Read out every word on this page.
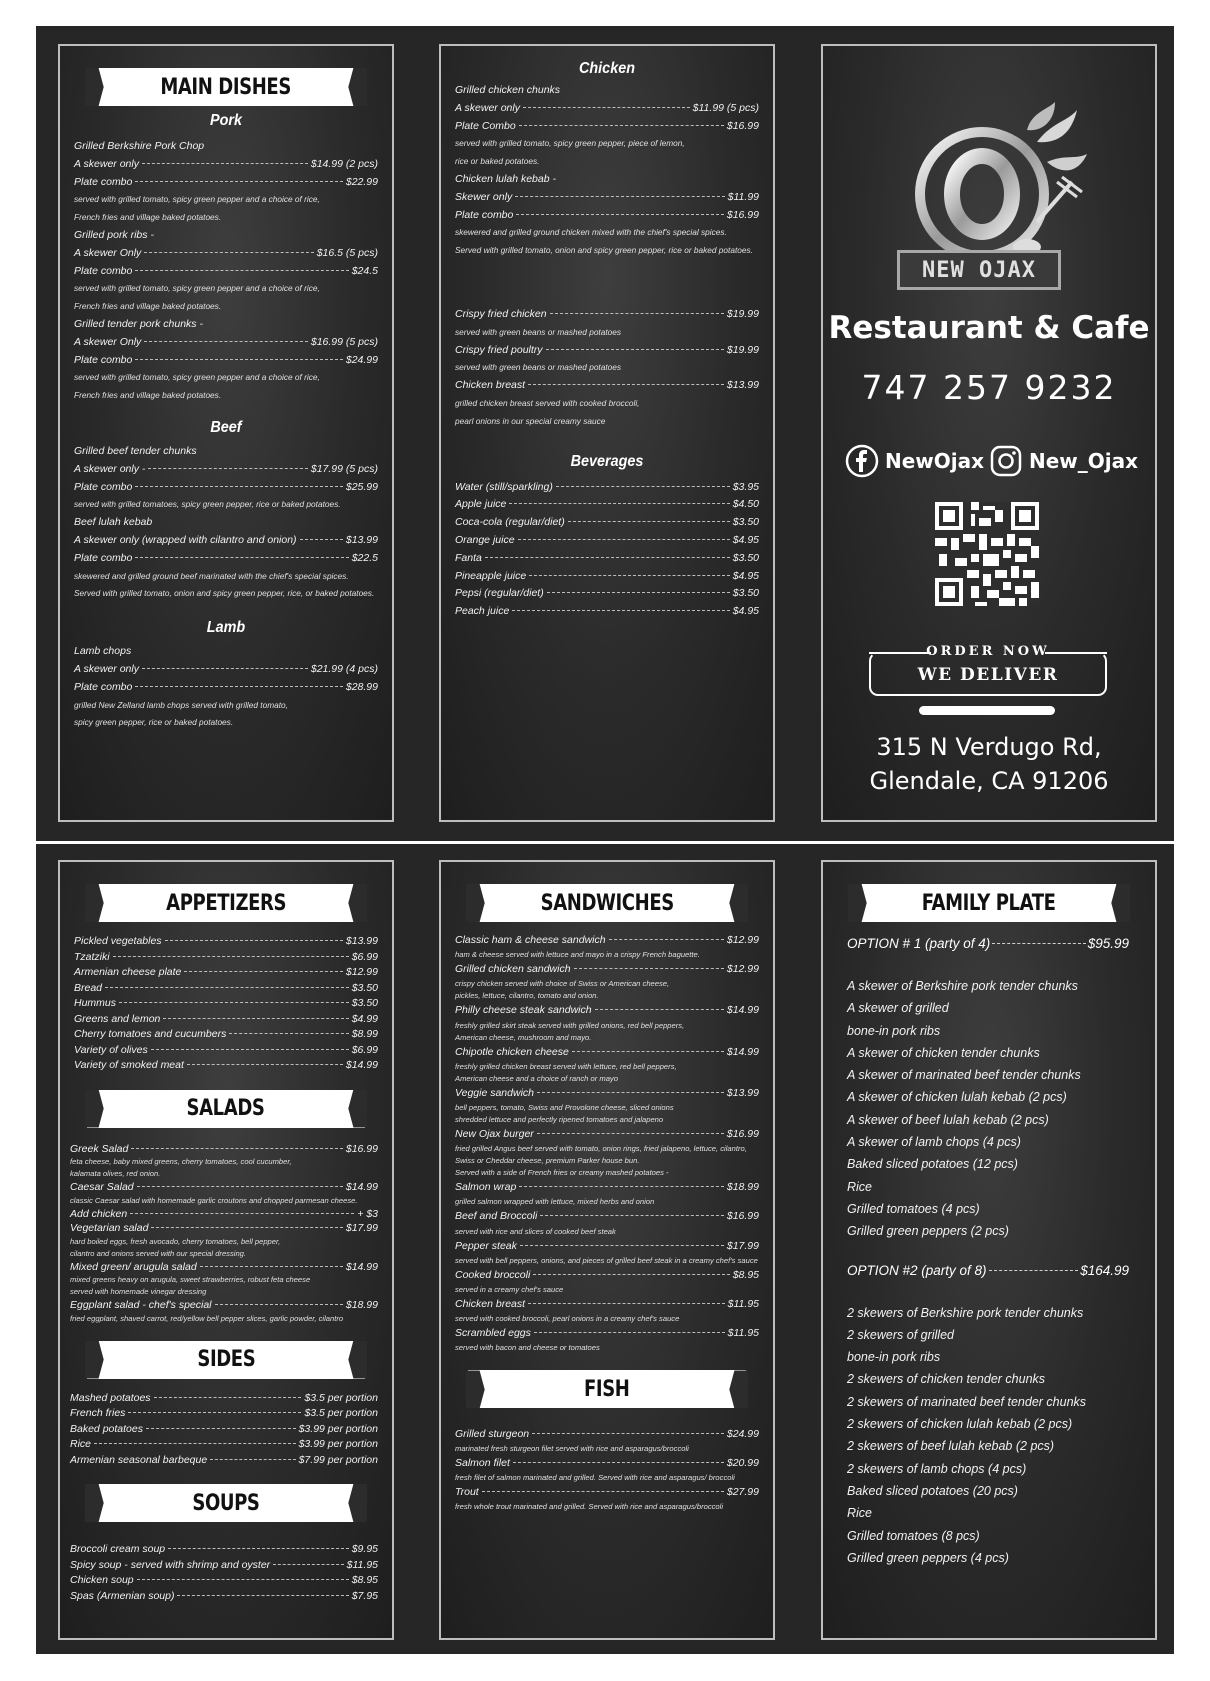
MAIN DISHES
Pork
Grilled Berkshire Pork Chop
A skewer only	$14.99 (2 pcs)
Plate combo	$22.99
served with grilled tomato, spicy green pepper and a choice of rice,
French fries and village baked potatoes.
Grilled pork ribs -
A skewer Only	$16.5 (5 pcs)
Plate combo	$24.5
served with grilled tomato, spicy green pepper and a choice of rice,
French fries and village baked potatoes.
Grilled tender pork chunks -
A skewer Only	$16.99 (5 pcs)
Plate combo	$24.99
served with grilled tomato, spicy green pepper and a choice of rice,
French fries and village baked potatoes.
Beef
Grilled beef tender chunks
A skewer only -	$17.99 (5 pcs)
Plate combo	$25.99
served with grilled tomatoes, spicy green pepper, rice or baked potatoes.
Beef lulah kebab
A skewer only (wrapped with cilantro and onion)	$13.99
Plate combo	$22.5
skewered and grilled ground beef marinated with the chief's special spices.
Served with grilled tomato, onion and spicy green pepper, rice, or baked potatoes.
Lamb
Lamb chops
A skewer only	$21.99 (4 pcs)
Plate combo	$28.99
grilled New Zelland lamb chops served with grilled tomato,
spicy green pepper, rice or baked potatoes.
Chicken
Grilled chicken chunks
A skewer only	$11.99 (5 pcs)
Plate Combo	$16.99
served with grilled tomato, spicy green pepper, piece of lemon,
rice or baked potatoes.
Chicken lulah kebab -
Skewer only	$11.99
Plate combo	$16.99
skewered and grilled ground chicken mixed with the chief's special spices.
Served with grilled tomato, onion and spicy green pepper, rice or baked potatoes.
Crispy fried chicken	$19.99
served with green beans or mashed potatoes
Crispy fried poultry	$19.99
served with green beans or mashed potatoes
Chicken breast	$13.99
grilled chicken breast served with cooked broccoli,
pearl onions in our special creamy sauce
Beverages
Water (still/sparkling)	$3.95
Apple juice	$4.50
Coca-cola (regular/diet)	$3.50
Orange juice	$4.95
Fanta	$3.50
Pineapple juice	$4.95
Pepsi (regular/diet)	$3.50
Peach juice	$4.95
NEW OJAX
Restaurant & Cafe
747 257 9232
NewOjax New_Ojax
ORDER NOW
WE DELIVER
315 N Verdugo Rd,
Glendale, CA 91206
APPETIZERS
Pickled vegetables	$13.99
Tzatziki	$6.99
Armenian cheese plate	$12.99
Bread	$3.50
Hummus	$3.50
Greens and lemon	$4.99
Cherry tomatoes and cucumbers	$8.99
Variety of olives	$6.99
Variety of smoked meat	$14.99
SALADS
Greek Salad	$16.99
feta cheese, baby mixed greens, cherry tomatoes, cool cucumber,
kalamata olives, red onion.
Caesar Salad	$14.99
classic Caesar salad with homemade garlic croutons and chopped parmesan cheese.
Add chicken	+ $3
Vegetarian salad	$17.99
hard boiled eggs, fresh avocado, cherry tomatoes, bell pepper,
cilantro and onions served with our special dressing.
Mixed green/ arugula salad	$14.99
mixed greens heavy on arugula, sweet strawberries, robust feta cheese
served with homemade vinegar dressing
Eggplant salad - chef's special	$18.99
fried eggplant, shaved carrot, red/yellow bell pepper slices, garlic powder, cilantro
SIDES
Mashed potatoes	$3.5 per portion
French fries	$3.5 per portion
Baked potatoes	$3.99 per portion
Rice	$3.99 per portion
Armenian seasonal barbeque	$7.99 per portion
SOUPS
Broccoli cream soup	$9.95
Spicy soup - served with shrimp and oyster	$11.95
Chicken soup	$8.95
Spas (Armenian soup)	$7.95
SANDWICHES
Classic ham & cheese sandwich	$12.99
ham & cheese served with lettuce and mayo in a crispy French baguette.
Grilled chicken sandwich	$12.99
crispy chicken served with choice of Swiss or American cheese,
pickles, lettuce, cilantro, tomato and onion.
Philly cheese steak sandwich	$14.99
freshly grilled skirt steak served with grilled onions, red bell peppers,
American cheese, mushroom and mayo.
Chipotle chicken cheese	$14.99
freshly grilled chicken breast served with lettuce, red bell peppers,
American cheese and a choice of ranch or mayo
Veggie sandwich	$13.99
bell peppers, tomato, Swiss and Provolone cheese, sliced onions
shredded lettuce and perfectly ripened tomatoes and jalapeno
New Ojax burger	$16.99
fried grilled Angus beef served with tomato, onion rings, fried jalapeno, lettuce, cilantro,
Swiss or Cheddar cheese, premium Parker house bun.
Served with a side of French fries or creamy mashed potatoes -
Salmon wrap	$18.99
grilled salmon wrapped with lettuce, mixed herbs and onion
Beef and Broccoli	$16.99
served with rice and slices of cooked beef steak
Pepper steak	$17.99
served with bell peppers, onions, and pieces of grilled beef steak in a creamy chef's sauce
Cooked broccoli	$8.95
served in a creamy chef's sauce
Chicken breast	$11.95
served with cooked broccoli, pearl onions in a creamy chef's sauce
Scrambled eggs	$11.95
served with bacon and cheese or tomatoes
FISH
Grilled sturgeon	$24.99
marinated fresh sturgeon filet served with rice and asparagus/broccoli
Salmon filet	$20.99
fresh filet of salmon marinated and grilled. Served with rice and asparagus/ broccoli
Trout	$27.99
fresh whole trout marinated and grilled. Served with rice and asparagus/broccoli
FAMILY PLATE
OPTION # 1 (party of 4)	$95.99
A skewer of Berkshire pork tender chunks
A skewer of grilled
bone-in pork ribs
A skewer of chicken tender chunks
A skewer of marinated beef tender chunks
A skewer of chicken lulah kebab (2 pcs)
A skewer of beef lulah kebab (2 pcs)
A skewer of lamb chops (4 pcs)
Baked sliced potatoes (12 pcs)
Rice
Grilled tomatoes (4 pcs)
Grilled green peppers (2 pcs)
OPTION #2 (party of 8)	$164.99
2 skewers of Berkshire pork tender chunks
2 skewers of grilled
bone-in pork ribs
2 skewers of chicken tender chunks
2 skewers of marinated beef tender chunks
2 skewers of chicken lulah kebab (2 pcs)
2 skewers of beef lulah kebab (2 pcs)
2 skewers of lamb chops (4 pcs)
Baked sliced potatoes (20 pcs)
Rice
Grilled tomatoes (8 pcs)
Grilled green peppers (4 pcs)
